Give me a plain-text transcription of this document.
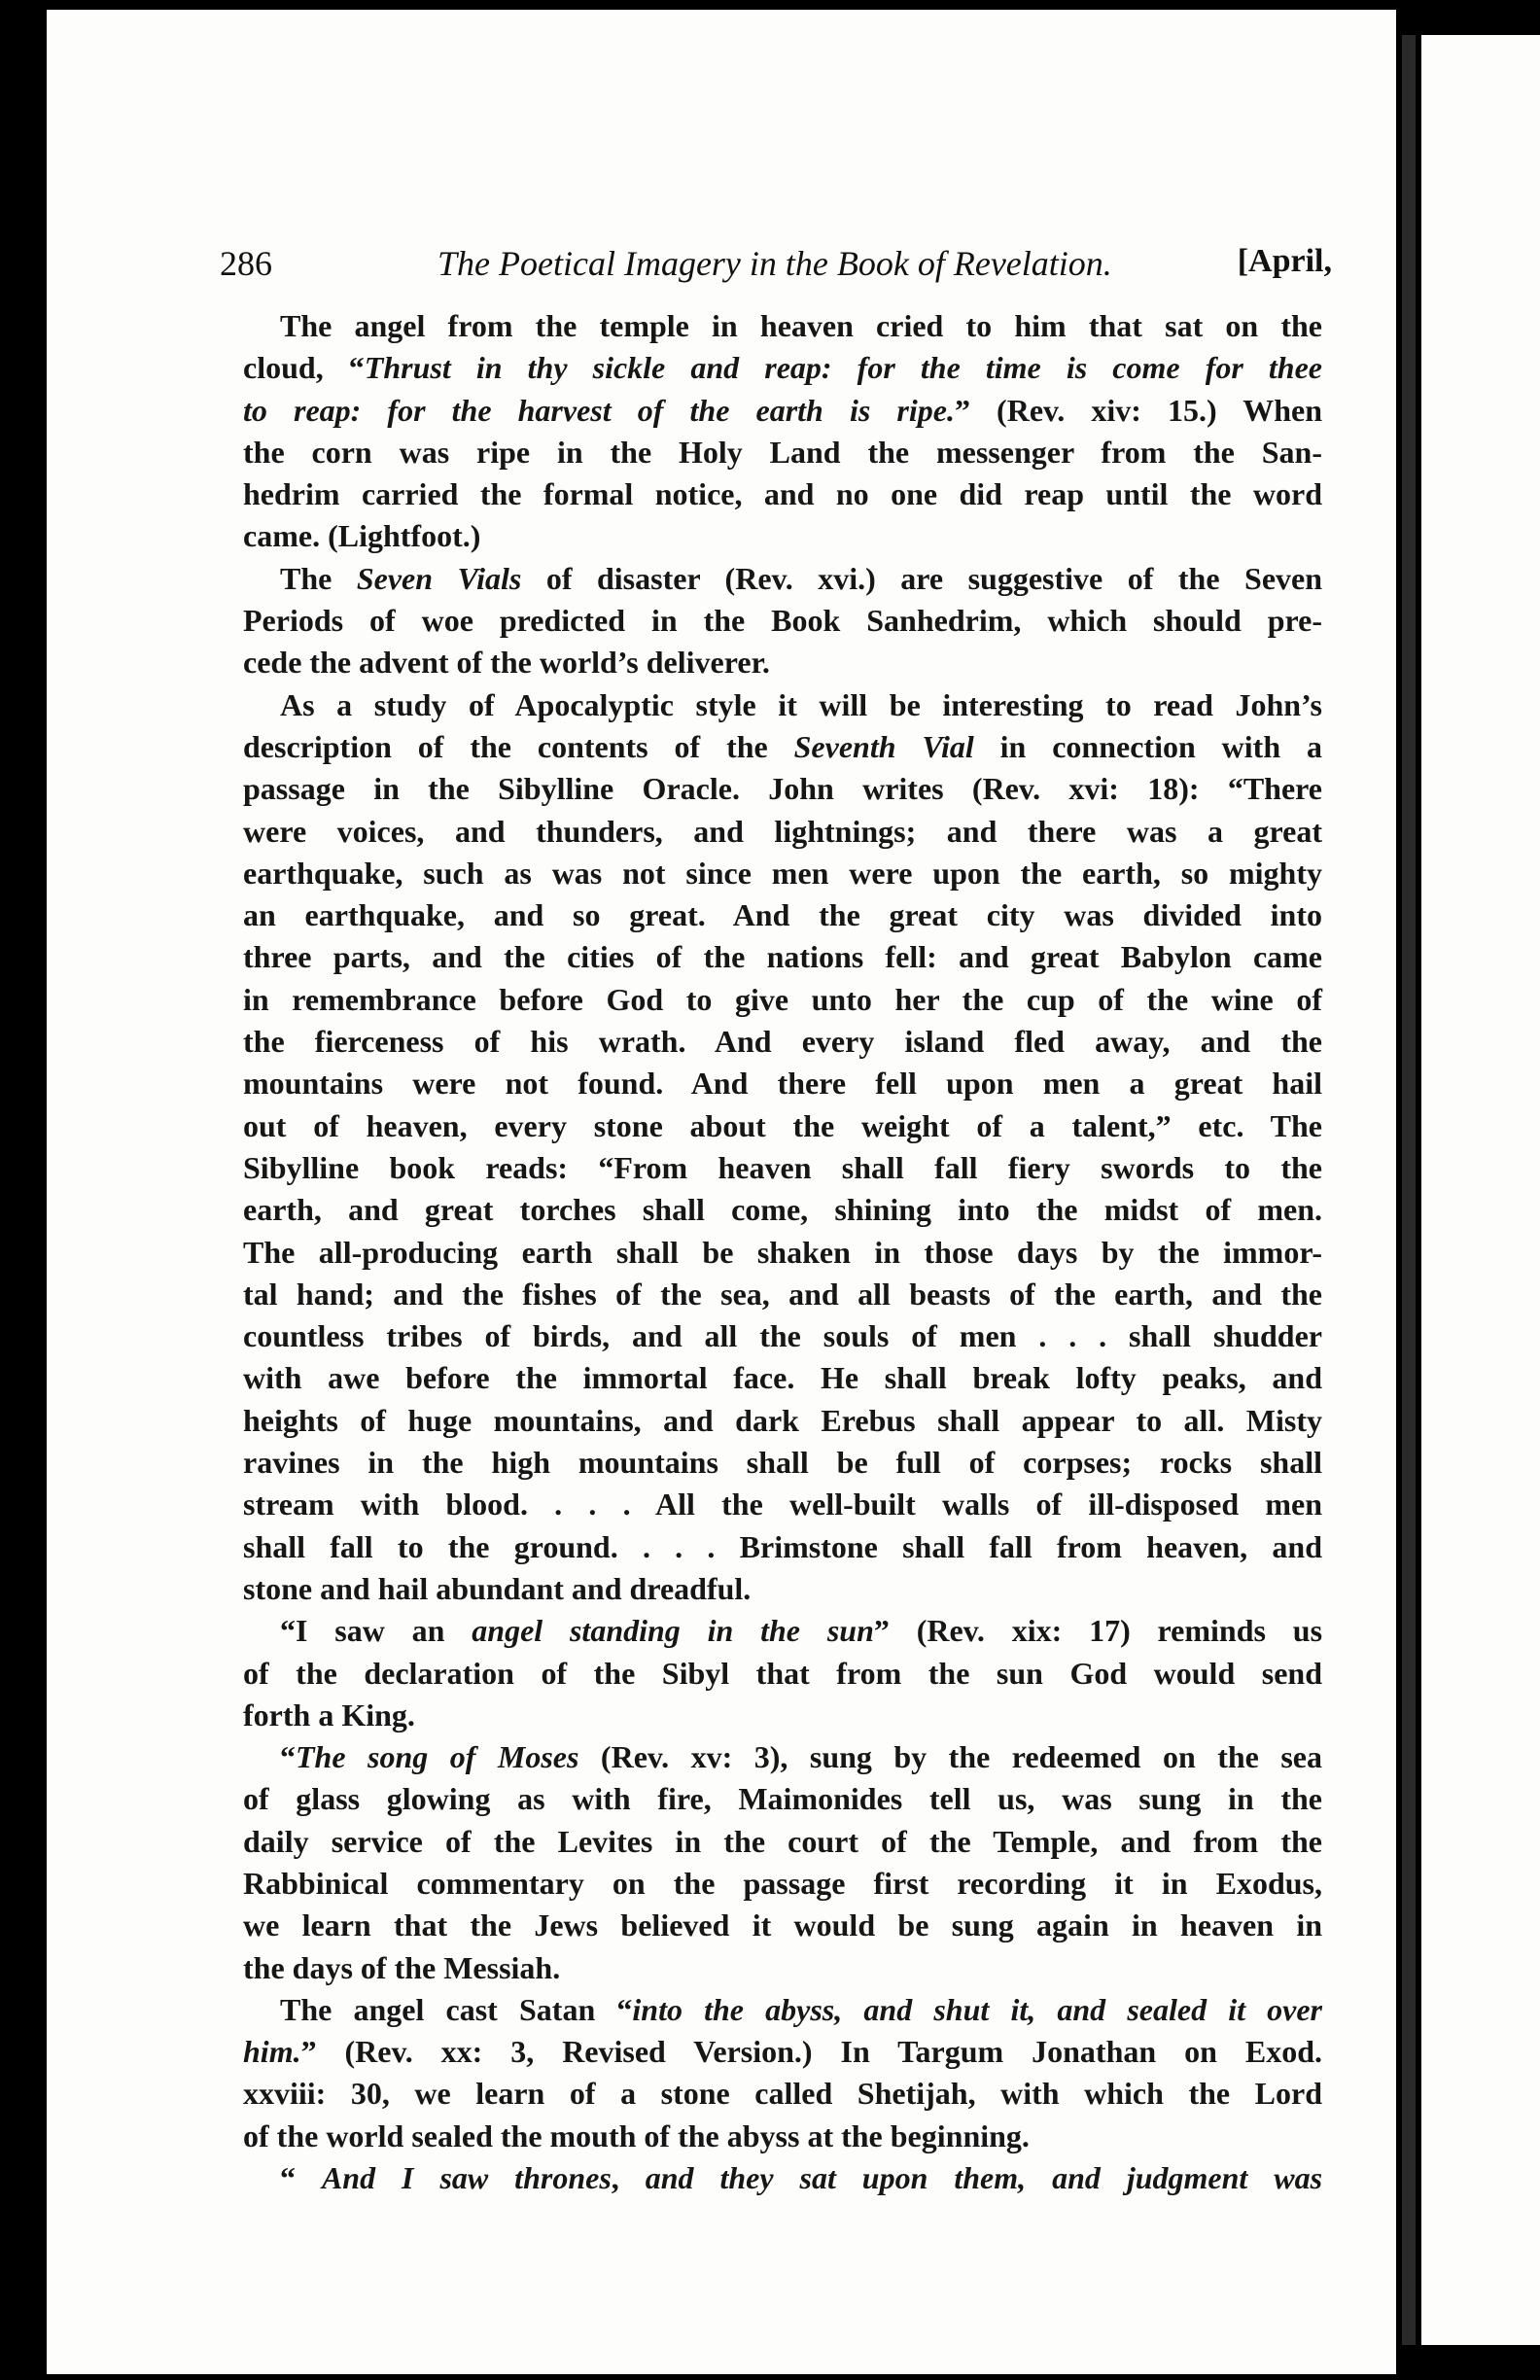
286	The Poetical Imagery in the Book of Revelation.	[April,
The angel from the temple in heaven cried to him that sat on the
cloud, “Thrust in thy sickle and reap: for the time is come for thee
to reap: for the harvest of the earth is ripe.” (Rev. xiv: 15.) When
the corn was ripe in the Holy Land the messenger from the San-
hedrim carried the formal notice, and no one did reap until the word
came. (Lightfoot.)
The Seven Vials of disaster (Rev. xvi.) are suggestive of the Seven
Periods of woe predicted in the Book Sanhedrim, which should pre-
cede the advent of the world’s deliverer.
As a study of Apocalyptic style it will be interesting to read John’s
description of the contents of the Seventh Vial in connection with a
passage in the Sibylline Oracle. John writes (Rev. xvi: 18): “There
were voices, and thunders, and lightnings; and there was a great
earthquake, such as was not since men were upon the earth, so mighty
an earthquake, and so great. And the great city was divided into
three parts, and the cities of the nations fell: and great Babylon came
in remembrance before God to give unto her the cup of the wine of
the fierceness of his wrath. And every island fled away, and the
mountains were not found. And there fell upon men a great hail
out of heaven, every stone about the weight of a talent,” etc. The
Sibylline book reads: “From heaven shall fall fiery swords to the
earth, and great torches shall come, shining into the midst of men.
The all-producing earth shall be shaken in those days by the immor-
tal hand; and the fishes of the sea, and all beasts of the earth, and the
countless tribes of birds, and all the souls of men . . . shall shudder
with awe before the immortal face. He shall break lofty peaks, and
heights of huge mountains, and dark Erebus shall appear to all. Misty
ravines in the high mountains shall be full of corpses; rocks shall
stream with blood. . . . All the well-built walls of ill-disposed men
shall fall to the ground. . . . Brimstone shall fall from heaven, and
stone and hail abundant and dreadful.
“I saw an angel standing in the sun” (Rev. xix: 17) reminds us
of the declaration of the Sibyl that from the sun God would send
forth a King.
“The song of Moses (Rev. xv: 3), sung by the redeemed on the sea
of glass glowing as with fire, Maimonides tell us, was sung in the
daily service of the Levites in the court of the Temple, and from the
Rabbinical commentary on the passage first recording it in Exodus,
we learn that the Jews believed it would be sung again in heaven in
the days of the Messiah.
The angel cast Satan “into the abyss, and shut it, and sealed it over
him.” (Rev. xx: 3, Revised Version.) In Targum Jonathan on Exod.
xxviii: 30, we learn of a stone called Shetijah, with which the Lord
of the world sealed the mouth of the abyss at the beginning.
“ And I saw thrones, and they sat upon them, and judgment was
